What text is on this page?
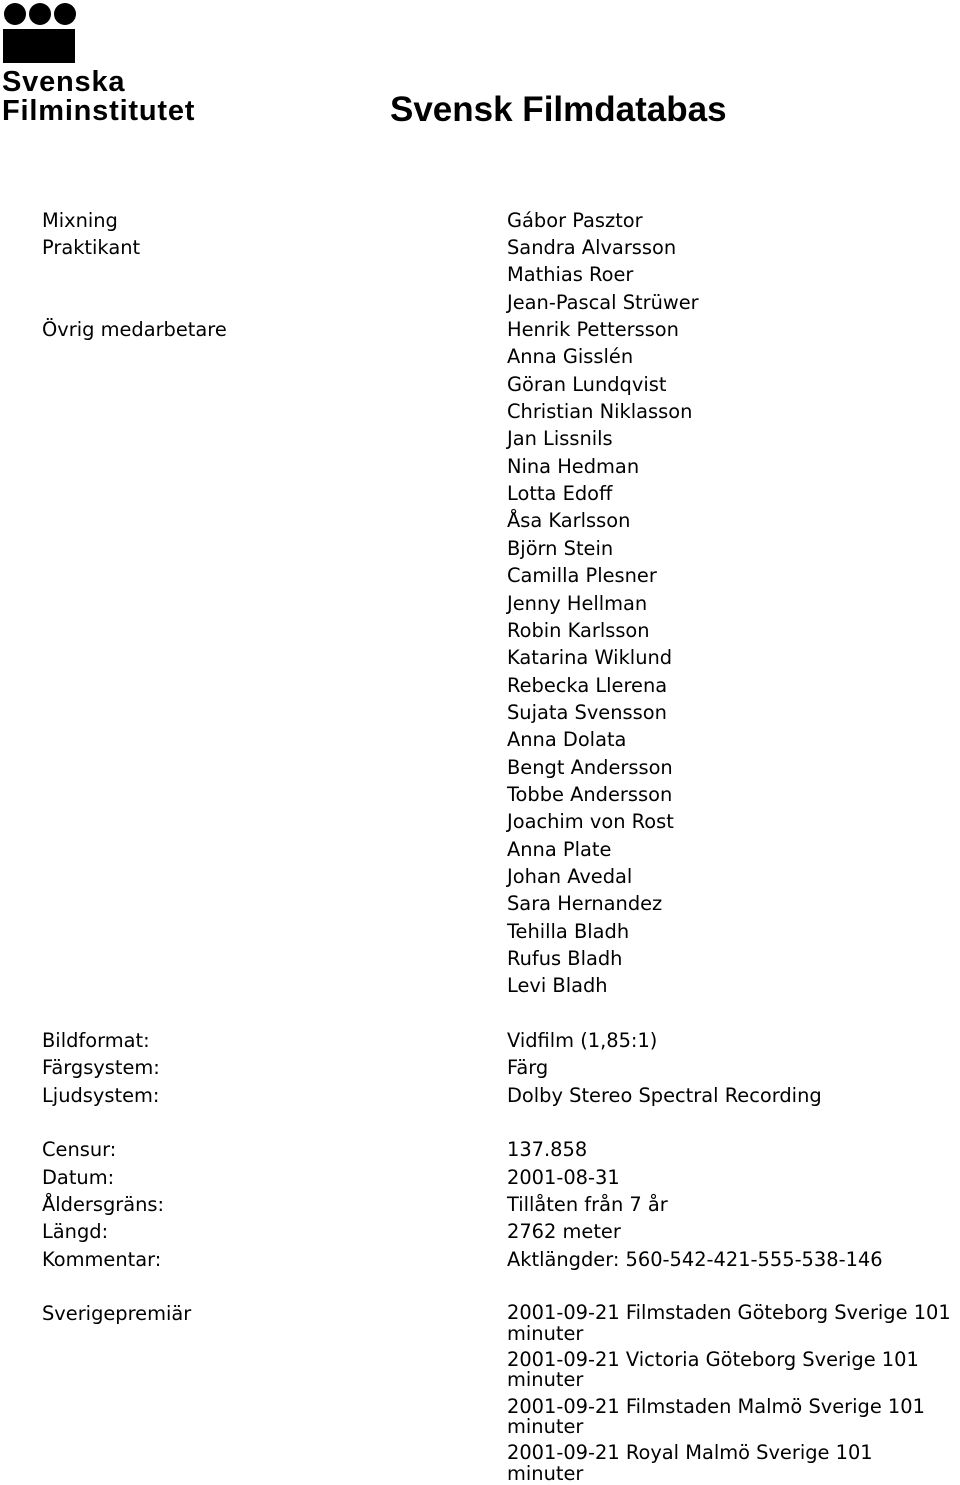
Svenska
Filminstitutet	Svensk Filmdatabas
Mixning	Gábor Pasztor
Praktikant	Sandra Alvarsson
Mathias Roer
Jean-Pascal Strüwer
Övrig medarbetare	Henrik Pettersson
Anna Gisslén
Göran Lundqvist
Christian Niklasson
Jan Lissnils
Nina Hedman
Lotta Edoff
Åsa Karlsson
Björn Stein
Camilla Plesner
Jenny Hellman
Robin Karlsson
Katarina Wiklund
Rebecka Llerena
Sujata Svensson
Anna Dolata
Bengt Andersson
Tobbe Andersson
Joachim von Rost
Anna Plate
Johan Avedal
Sara Hernandez
Tehilla Bladh
Rufus Bladh
Levi Bladh
Bildformat:	Vidfilm (1,85:1)
Färgsystem:	Färg
Ljudsystem:	Dolby Stereo Spectral Recording
Censur:	137.858
Datum:	2001-08-31
Åldersgräns:	Tillåten från 7 år
Längd:	2762 meter
Kommentar:	Aktlängder: 560-542-421-555-538-146
Sverigepremiär	2001-09-21 Filmstaden Göteborg Sverige 101
minuter
2001-09-21 Victoria Göteborg Sverige 101
minuter
2001-09-21 Filmstaden Malmö Sverige 101
minuter
2001-09-21 Royal Malmö Sverige 101
minuter
